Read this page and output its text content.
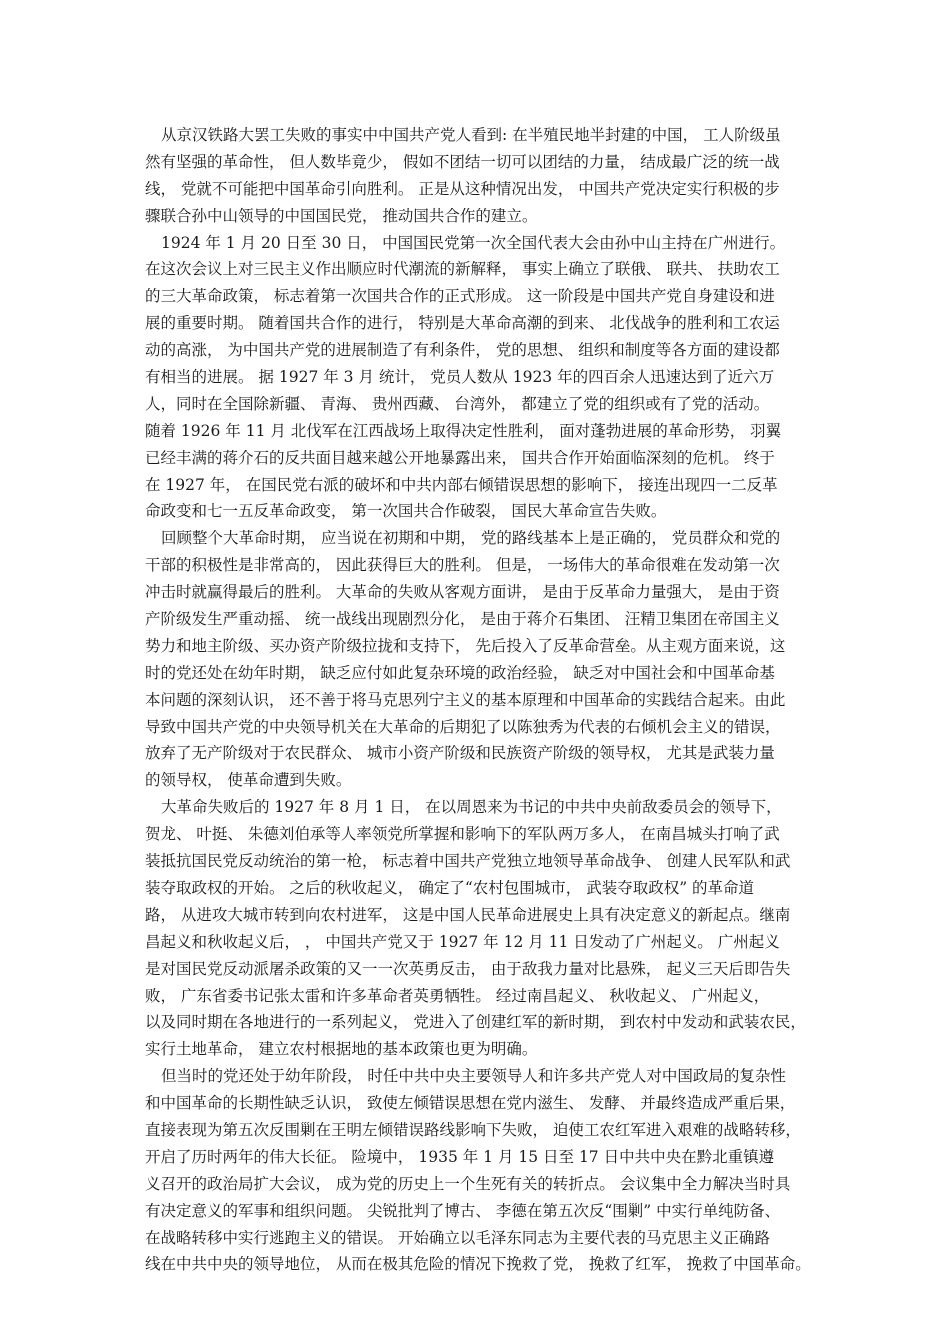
从京汉铁路大罢工失败的事实中中国共产党人看到: 在半殖民地半封建的中国， 工人阶级虽
然有坚强的革命性， 但人数毕竟少， 假如不团结一切可以团结的力量， 结成最广泛的统一战
线， 党就不可能把中国革命引向胜利。 正是从这种情况出发， 中国共产党决定实行积极的步
骤联合孙中山领导的中国国民党， 推动国共合作的建立。
1924 年 1 月 20 日至 30 日， 中国国民党第一次全国代表大会由孙中山主持在广州进行。
在这次会议上对三民主义作出顺应时代潮流的新解释， 事实上确立了联俄、 联共、 扶助农工
的三大革命政策， 标志着第一次国共合作的正式形成。 这一阶段是中国共产党自身建设和进
展的重要时期。 随着国共合作的进行， 特别是大革命高潮的到来、 北伐战争的胜利和工农运
动的高涨， 为中国共产党的进展制造了有利条件， 党的思想、 组织和制度等各方面的建设都
有相当的进展。 据 1927 年 3 月 统计， 党员人数从 1923 年的四百余人迅速达到了近六万
人，同时在全国除新疆、 青海、 贵州西藏、 台湾外， 都建立了党的组织或有了党的活动。
随着 1926 年 11 月 北伐军在江西战场上取得决定性胜利， 面对蓬勃进展的革命形势， 羽翼
已经丰满的蒋介石的反共面目越来越公开地暴露出来， 国共合作开始面临深刻的危机。 终于
在 1927 年， 在国民党右派的破坏和中共内部右倾错误思想的影响下， 接连出现四一二反革
命政变和七一五反革命政变， 第一次国共合作破裂， 国民大革命宣告失败。
回顾整个大革命时期， 应当说在初期和中期， 党的路线基本上是正确的， 党员群众和党的
干部的积极性是非常高的， 因此获得巨大的胜利。 但是， 一场伟大的革命很难在发动第一次
冲击时就赢得最后的胜利。 大革命的失败从客观方面讲， 是由于反革命力量强大， 是由于资
产阶级发生严重动摇、 统一战线出现剧烈分化， 是由于蒋介石集团、 汪精卫集团在帝国主义
势力和地主阶级、买办资产阶级拉拢和支持下， 先后投入了反革命营垒。从主观方面来说，这
时的党还处在幼年时期， 缺乏应付如此复杂环境的政治经验， 缺乏对中国社会和中国革命基
本问题的深刻认识， 还不善于将马克思列宁主义的基本原理和中国革命的实践结合起来。由此
导致中国共产党的中央领导机关在大革命的后期犯了以陈独秀为代表的右倾机会主义的错误，
放弃了无产阶级对于农民群众、 城市小资产阶级和民族资产阶级的领导权， 尤其是武装力量
的领导权， 使革命遭到失败。
大革命失败后的 1927 年 8 月 1 日， 在以周恩来为书记的中共中央前敌委员会的领导下，
贺龙、 叶挺、 朱德刘伯承等人率领党所掌握和影响下的军队两万多人， 在南昌城头打响了武
装抵抗国民党反动统治的第一枪， 标志着中国共产党独立地领导革命战争、 创建人民军队和武
装夺取政权的开始。 之后的秋收起义， 确定了“农村包围城市， 武装夺取政权” 的革命道
路， 从进攻大城市转到向农村进军， 这是中国人民革命进展史上具有决定意义的新起点。继南
昌起义和秋收起义后， ， 中国共产党又于 1927 年 12 月 11 日发动了广州起义。 广州起义
是对国民党反动派屠杀政策的又一一次英勇反击， 由于敌我力量对比悬殊， 起义三天后即告失
败， 广东省委书记张太雷和许多革命者英勇牺牲。 经过南昌起义、 秋收起义、 广州起义，
以及同时期在各地进行的一系列起义， 党进入了创建红军的新时期， 到农村中发动和武装农民，
实行土地革命， 建立农村根据地的基本政策也更为明确。
但当时的党还处于幼年阶段， 时任中共中央主要领导人和许多共产党人对中国政局的复杂性
和中国革命的长期性缺乏认识， 致使左倾错误思想在党内滋生、 发酵、 并最终造成严重后果，
直接表现为第五次反围剿在王明左倾错误路线影响下失败， 迫使工农红军进入艰难的战略转移，
开启了历时两年的伟大长征。 险境中， 1935 年 1 月 15 日至 17 日中共中央在黔北重镇遵
义召开的政治局扩大会议， 成为党的历史上一个生死有关的转折点。 会议集中全力解决当时具
有决定意义的军事和组织问题。 尖锐批判了博古、 李德在第五次反“围剿” 中实行单纯防备、
在战略转移中实行逃跑主义的错误。 开始确立以毛泽东同志为主要代表的马克思主义正确路
线在中共中央的领导地位， 从而在极其危险的情况下挽救了党， 挽救了红军， 挽救了中国革命。
